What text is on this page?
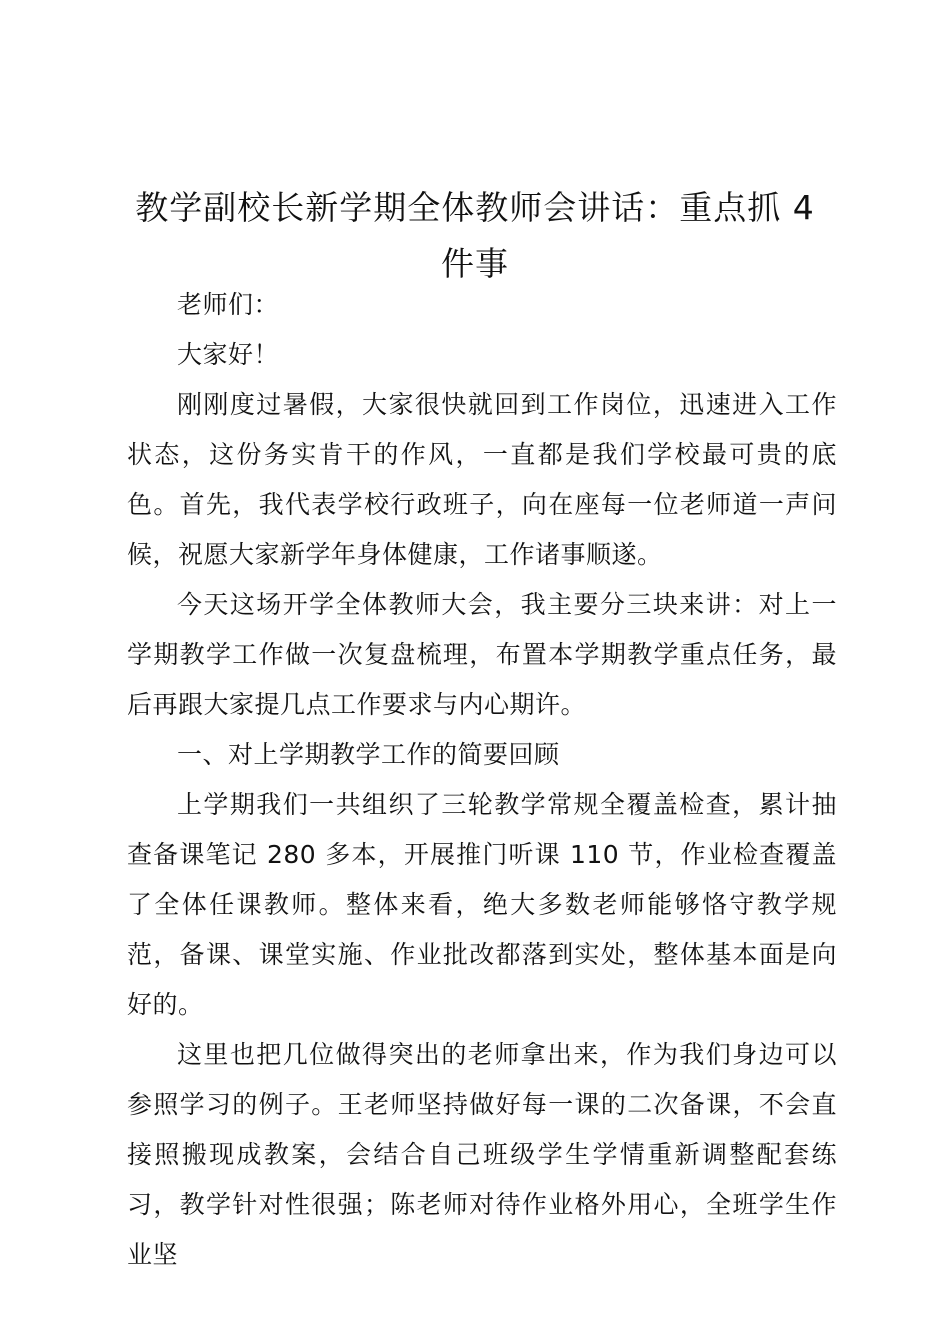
教学副校长新学期全体教师会讲话：重点抓 4 件事

老师们：

大家好！

刚刚度过暑假，大家很快就回到工作岗位，迅速进入工作状态，这份务实肯干的作风，一直都是我们学校最可贵的底色。首先，我代表学校行政班子，向在座每一位老师道一声问候，祝愿大家新学年身体健康，工作诸事顺遂。

今天这场开学全体教师大会，我主要分三块来讲：对上一学期教学工作做一次复盘梳理，布置本学期教学重点任务，最后再跟大家提几点工作要求与内心期许。

一、对上学期教学工作的简要回顾

上学期我们一共组织了三轮教学常规全覆盖检查，累计抽查备课笔记 280 多本，开展推门听课 110 节，作业检查覆盖了全体任课教师。整体来看，绝大多数老师能够恪守教学规范，备课、课堂实施、作业批改都落到实处，整体基本面是向好的。

这里也把几位做得突出的老师拿出来，作为我们身边可以参照学习的例子。王老师坚持做好每一课的二次备课，不会直接照搬现成教案，会结合自己班级学生学情重新调整配套练习，教学针对性很强；陈老师对待作业格外用心，全班学生作业坚
